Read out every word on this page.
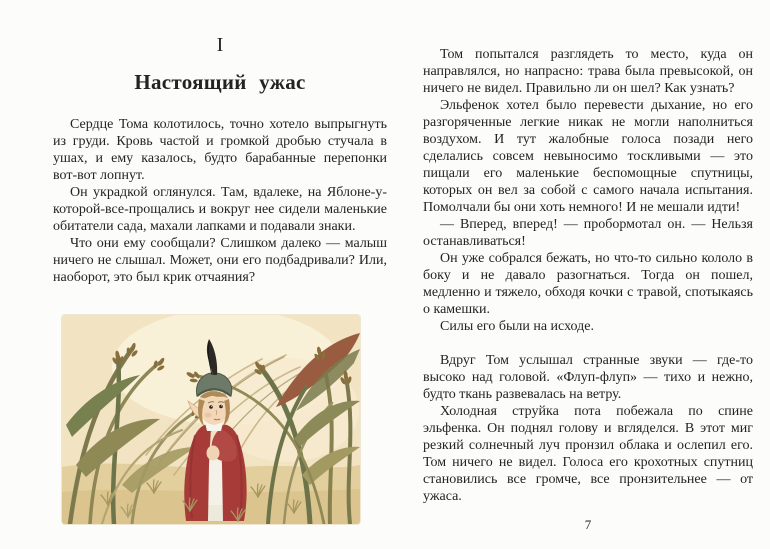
I
Настоящий ужас

Сердце Тома колотилось, точно хотело выпрыгнуть из груди. Кровь частой и громкой дробью стучала в ушах, и ему казалось, будто барабанные перепонки вот-вот лопнут.

Он украдкой оглянулся. Там, вдалеке, на Яблоне-у-которой-все-прощались и вокруг нее сидели маленькие обитатели сада, махали лапками и подавали знаки.

Что они ему сообщали? Слишком далеко — малыш ничего не слышал. Может, они его подбадривали? Или, наоборот, это был крик отчаяния?

Том попытался разглядеть то место, куда он направлялся, но напрасно: трава была превысокой, он ничего не видел. Правильно ли он шел? Как узнать?

Эльфенок хотел было перевести дыхание, но его разгоряченные легкие никак не могли наполниться воздухом. И тут жалобные голоса позади него сделались совсем невыносимо тоскливыми — это пищали его маленькие беспомощные спутницы, которых он вел за собой с самого начала испытания. Помолчали бы они хоть немного! И не мешали идти!

— Вперед, вперед! — пробормотал он. — Нельзя останавливаться!

Он уже собрался бежать, но что-то сильно кололо в боку и не давало разогнаться. Тогда он пошел, медленно и тяжело, обходя кочки с травой, спотыкаясь о камешки.

Силы его были на исходе.

Вдруг Том услышал странные звуки — где-то высоко над головой. «Флуп-флуп» — тихо и нежно, будто ткань развевалась на ветру.

Холодная струйка пота побежала по спине эльфенка. Он поднял голову и вгляделся. В этот миг резкий солнечный луч пронзил облака и ослепил его. Том ничего не видел. Голоса его крохотных спутниц становились все громче, все пронзительнее — от ужаса.

7
